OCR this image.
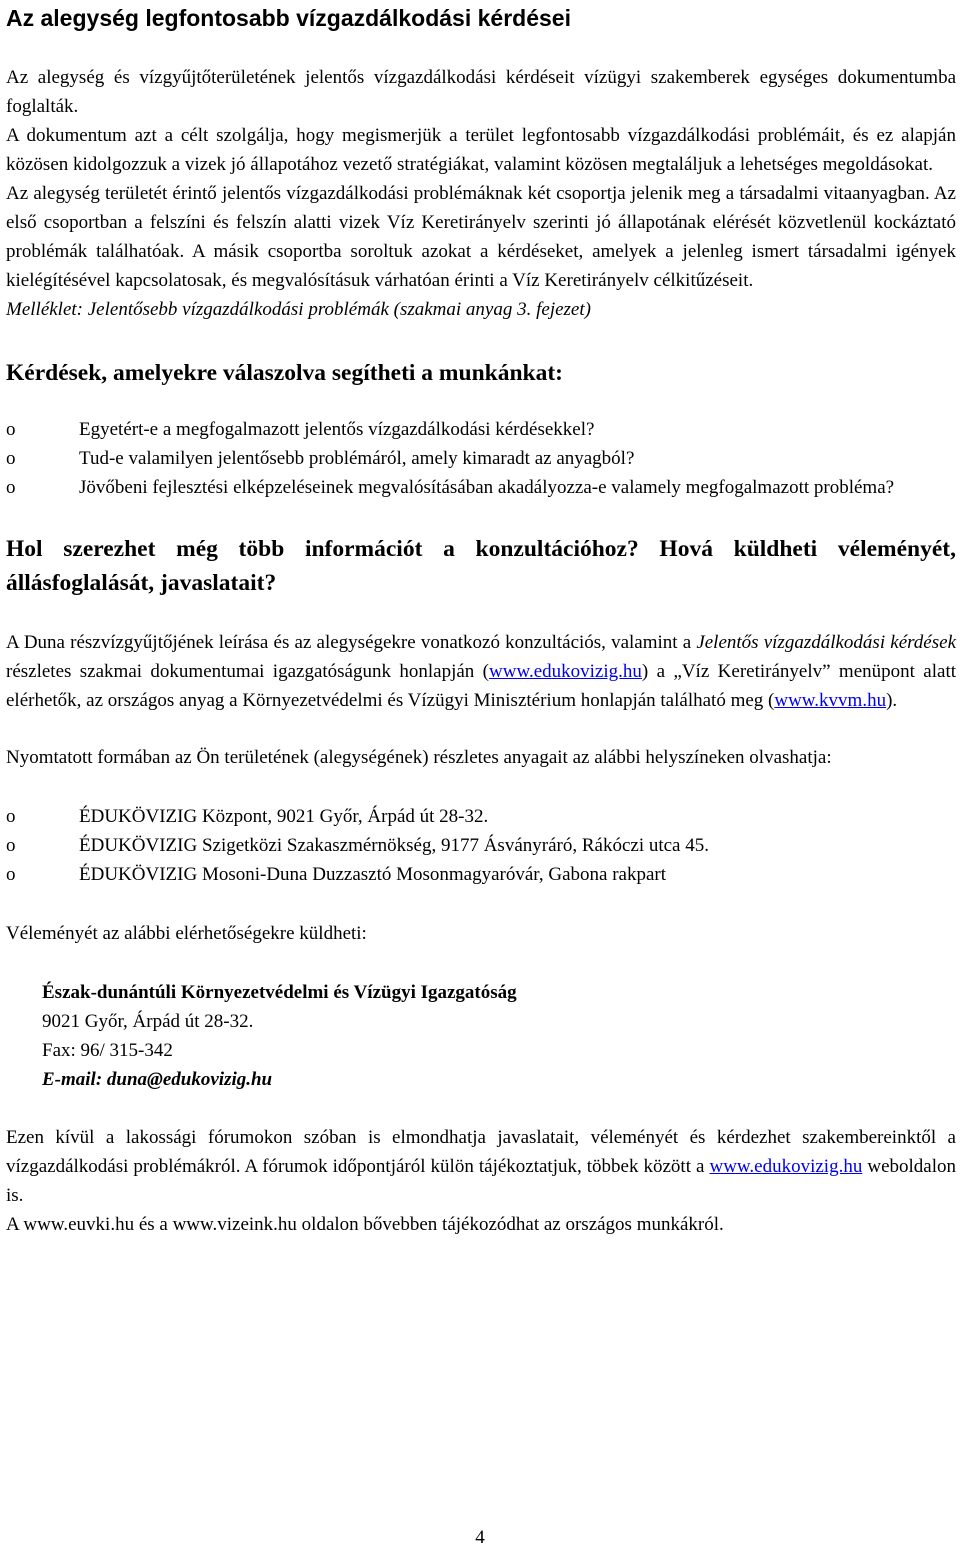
Az alegység legfontosabb vízgazdálkodási kérdései

Az alegység és vízgyűjtőterületének jelentős vízgazdálkodási kérdéseit vízügyi szakemberek egységes dokumentumba foglalták.

A dokumentum azt a célt szolgálja, hogy megismerjük a terület legfontosabb vízgazdálkodási problémáit, és ez alapján közösen kidolgozzuk a vizek jó állapotához vezető stratégiákat, valamint közösen megtaláljuk a lehetséges megoldásokat.

Az alegység területét érintő jelentős vízgazdálkodási problémáknak két csoportja jelenik meg a társadalmi vitaanyagban. Az első csoportban a felszíni és felszín alatti vizek Víz Keretirányelv szerinti jó állapotának elérését közvetlenül kockáztató problémák találhatóak. A másik csoportba soroltuk azokat a kérdéseket, amelyek a jelenleg ismert társadalmi igények kielégítésével kapcsolatosak, és megvalósításuk várhatóan érinti a Víz Keretirányelv célkitűzéseit.

Melléklet: Jelentősebb vízgazdálkodási problémák (szakmai anyag 3. fejezet)

Kérdések, amelyekre válaszolva segítheti a munkánkat:
o	Egyetért-e a megfogalmazott jelentős vízgazdálkodási kérdésekkel?
o	Tud-e valamilyen jelentősebb problémáról, amely kimaradt az anyagból?
o	Jövőbeni fejlesztési elképzeléseinek megvalósításában akadályozza-e valamely megfogalmazott probléma?
Hol szerezhet még több információt a konzultációhoz? Hová küldheti véleményét, állásfoglalását, javaslatait?

A Duna részvízgyűjtőjének leírása és az alegységekre vonatkozó konzultációs, valamint a Jelentős vízgazdálkodási kérdések részletes szakmai dokumentumai igazgatóságunk honlapján (www.edukovizig.hu) a „Víz Keretirányelv” menüpont alatt elérhetők, az országos anyag a Környezetvédelmi és Vízügyi Minisztérium honlapján található meg (www.kvvm.hu).

Nyomtatott formában az Ön területének (alegységének) részletes anyagait az alábbi helyszíneken olvashatja:

o	ÉDUKÖVIZIG Központ, 9021 Győr, Árpád út 28-32.
o	ÉDUKÖVIZIG Szigetközi Szakaszmérnökség, 9177 Ásványráró, Rákóczi utca 45.
o	ÉDUKÖVIZIG Mosoni-Duna Duzzasztó Mosonmagyaróvár, Gabona rakpart

Véleményét az alábbi elérhetőségekre küldheti:

Észak-dunántúli Környezetvédelmi és Vízügyi Igazgatóság
9021 Győr, Árpád út 28-32.
Fax: 96/ 315-342
E-mail: duna@edukovizig.hu

Ezen kívül a lakossági fórumokon szóban is elmondhatja javaslatait, véleményét és kérdezhet szakembereinktől a vízgazdálkodási problémákról. A fórumok időpontjáról külön tájékoztatjuk, többek között a www.edukovizig.hu weboldalon is.

A www.euvki.hu és a www.vizeink.hu oldalon bővebben tájékozódhat az országos munkákról.

4
